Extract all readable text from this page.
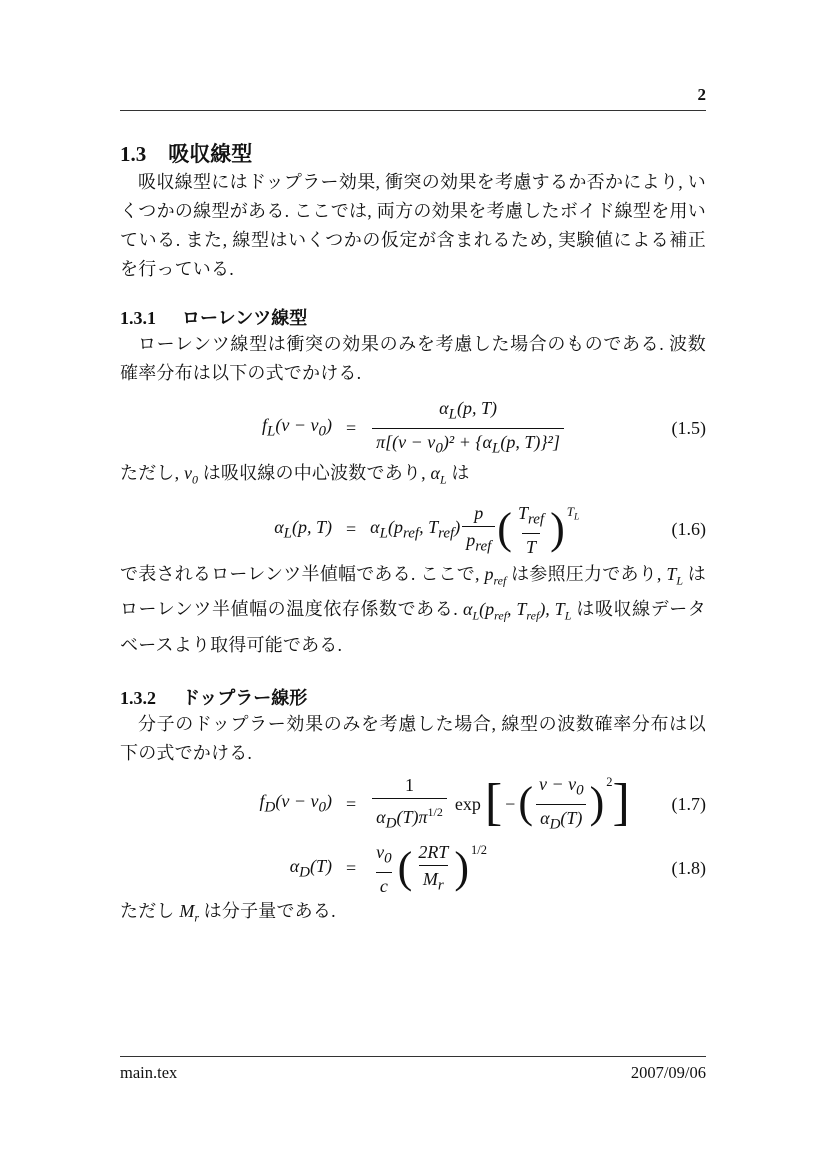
2
1.3 吸収線型

吸収線型にはドップラー効果, 衝突の効果を考慮するか否かにより, いくつかの線型がある. ここでは, 両方の効果を考慮したボイド線型を用いている. また, 線型はいくつかの仮定が含まれるため, 実験値による補正を行っている.

1.3.1 ローレンツ線型

ローレンツ線型は衝突の効果のみを考慮した場合のものである. 波数確率分布は以下の式でかける.

$f_L(\nu - \nu_0) = \frac{\alpha_L(p, T)}{\pi[(\nu - \nu_0)^2 + \{\alpha_L(p, T)\}^2]}$	(1.5)

ただし, $\nu_0$ は吸収線の中心波数であり, $\alpha_L$ は

$\alpha_L(p$, $T) = \alpha_L(p_{ref}$, $T_{ref}) \frac{p}{p_{ref}}$ ( $\frac{T_{ref}}{T}$ ) $T_L$
(1.6)

で表されるローレンツ半値幅である. ここで, $p_{ref}$ は参照圧力であり, $T_L$ はローレンツ半値幅の温度依存係数である. $\alpha_L(p_{ref}$, $T_{ref}$), $T_L$ は吸収線データベースより取得可能である.

1.3.2 ドップラー線形

分子のドップラー効果のみを考慮した場合, 線型の波数確率分布は以下の式でかける.

$f_D(\nu - \nu_0) = \frac{1}{\alpha_D(T)\pi^{1/2}}$ exp [ − ( $\frac{\nu - \nu_0}{\alpha_D(T)}$ ) 2 ] (1.7)
$\alpha_D(T) = \frac{\nu_0}{c}$ ( $\frac{2RT}{M_r}$ ) 1/2
(1.8)

ただし $M_r$ は分子量である.

main.tex	2007/09/06
